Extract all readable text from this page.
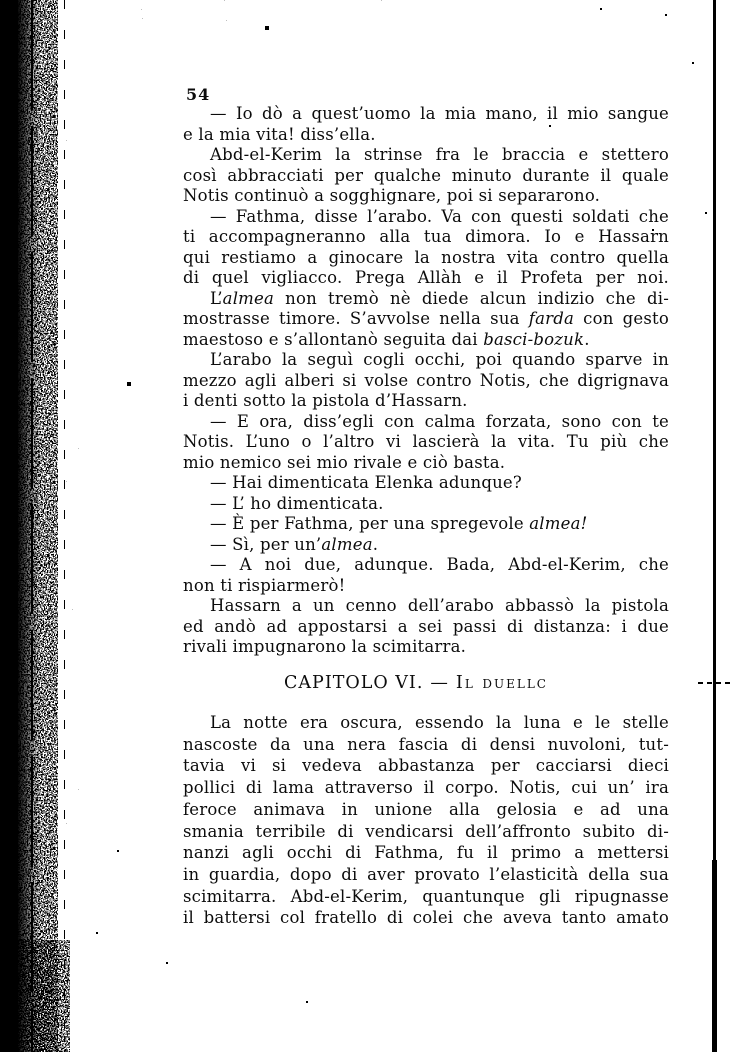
54
— Io dò a quest’uomo la mia mano, il mio sangue
e la mia vita! diss’ella.
Abd-el-Kerim la strinse fra le braccia e stettero
così abbracciati per qualche minuto durante il quale
Notis continuò a sogghignare, poi si separarono.
— Fathma, disse l’arabo. Va con questi soldati che
ti accompagneranno alla tua dimora. Io e Hassarn
qui restiamo a ginocare la nostra vita contro quella
di quel vigliacco. Prega Allàh e il Profeta per noi.
L’almea non tremò nè diede alcun indizio che di-
mostrasse timore. S’avvolse nella sua farda con gesto
maestoso e s’allontanò seguita dai basci-bozuk.
L’arabo la seguì cogli occhi, poi quando sparve in
mezzo agli alberi si volse contro Notis, che digrignava
i denti sotto la pistola d’Hassarn.
— E ora, diss’egli con calma forzata, sono con te
Notis. L’uno o l’altro vi lascierà la vita. Tu più che
mio nemico sei mio rivale e ciò basta.
— Hai dimenticata Elenka adunque?
— L’ ho dimenticata.
— È per Fathma, per una spregevole almea!
— Sì, per un’almea.
— A noi due, adunque. Bada, Abd-el-Kerim, che
non ti rispiarmerò!
Hassarn a un cenno dell’arabo abbassò la pistola
ed andò ad appostarsi a sei passi di distanza: i due
rivali impugnarono la scimitarra.
CAPITOLO VI. — Il duellc
La notte era oscura, essendo la luna e le stelle
nascoste da una nera fascia di densi nuvoloni, tut-
tavia vi si vedeva abbastanza per cacciarsi dieci
pollici di lama attraverso il corpo. Notis, cui un’ ira
feroce animava in unione alla gelosia e ad una
smania terribile di vendicarsi dell’affronto subito di-
nanzi agli occhi di Fathma, fu il primo a mettersi
in guardia, dopo di aver provato l’elasticità della sua
scimitarra. Abd-el-Kerim, quantunque gli ripugnasse
il battersi col fratello di colei che aveva tanto amato
